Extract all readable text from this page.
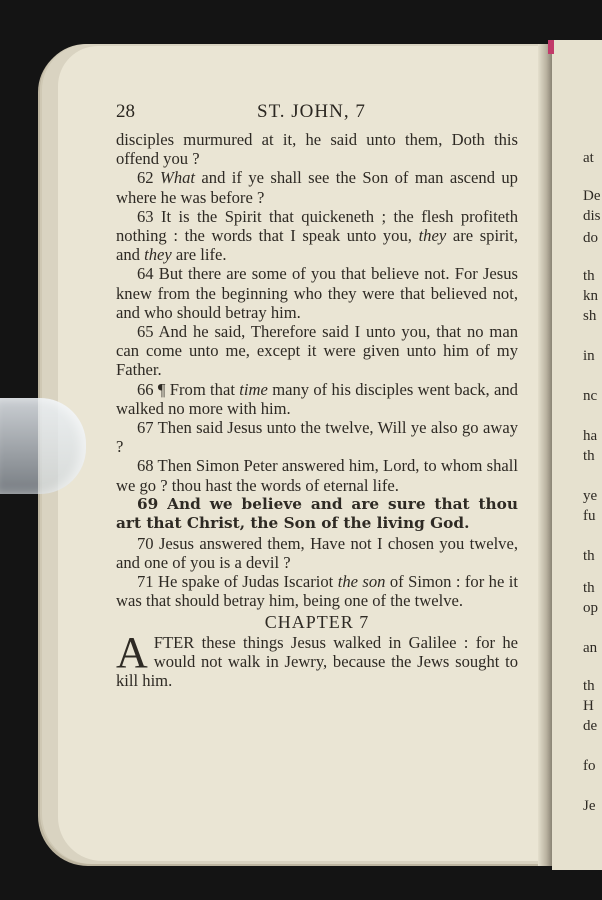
28	ST. JOHN, 7

disciples murmured at it, he said unto them, Doth this offend you ?

62 What and if ye shall see the Son of man ascend up where he was before ?

63 It is the Spirit that quickeneth ; the flesh profiteth nothing : the words that I speak unto you, they are spirit, and they are life.

64 But there are some of you that believe not. For Jesus knew from the beginning who they were that believed not, and who should betray him.

65 And he said, Therefore said I unto you, that no man can come unto me, except it were given unto him of my Father.

66 ¶ From that time many of his disciples went back, and walked no more with him.

67 Then said Jesus unto the twelve, Will ye also go away ?

68 Then Simon Peter answered him, Lord, to whom shall we go ? thou hast the words of eternal life.

69 And we believe and are sure that thou art that Christ, the Son of the living God.

70 Jesus answered them, Have not I chosen you twelve, and one of you is a devil ?

71 He spake of Judas Iscariot the son of Simon : for he it was that should betray him, being one of the twelve.

CHAPTER 7

AFTER these things Jesus walked in Galilee : for he would not walk in Jewry, because the Jews sought to kill him.

at
De
dis
do
th
kn
sh
in
nc
ha
th
ye
fu
th
th
op
an
th
H
de
fo
Je
